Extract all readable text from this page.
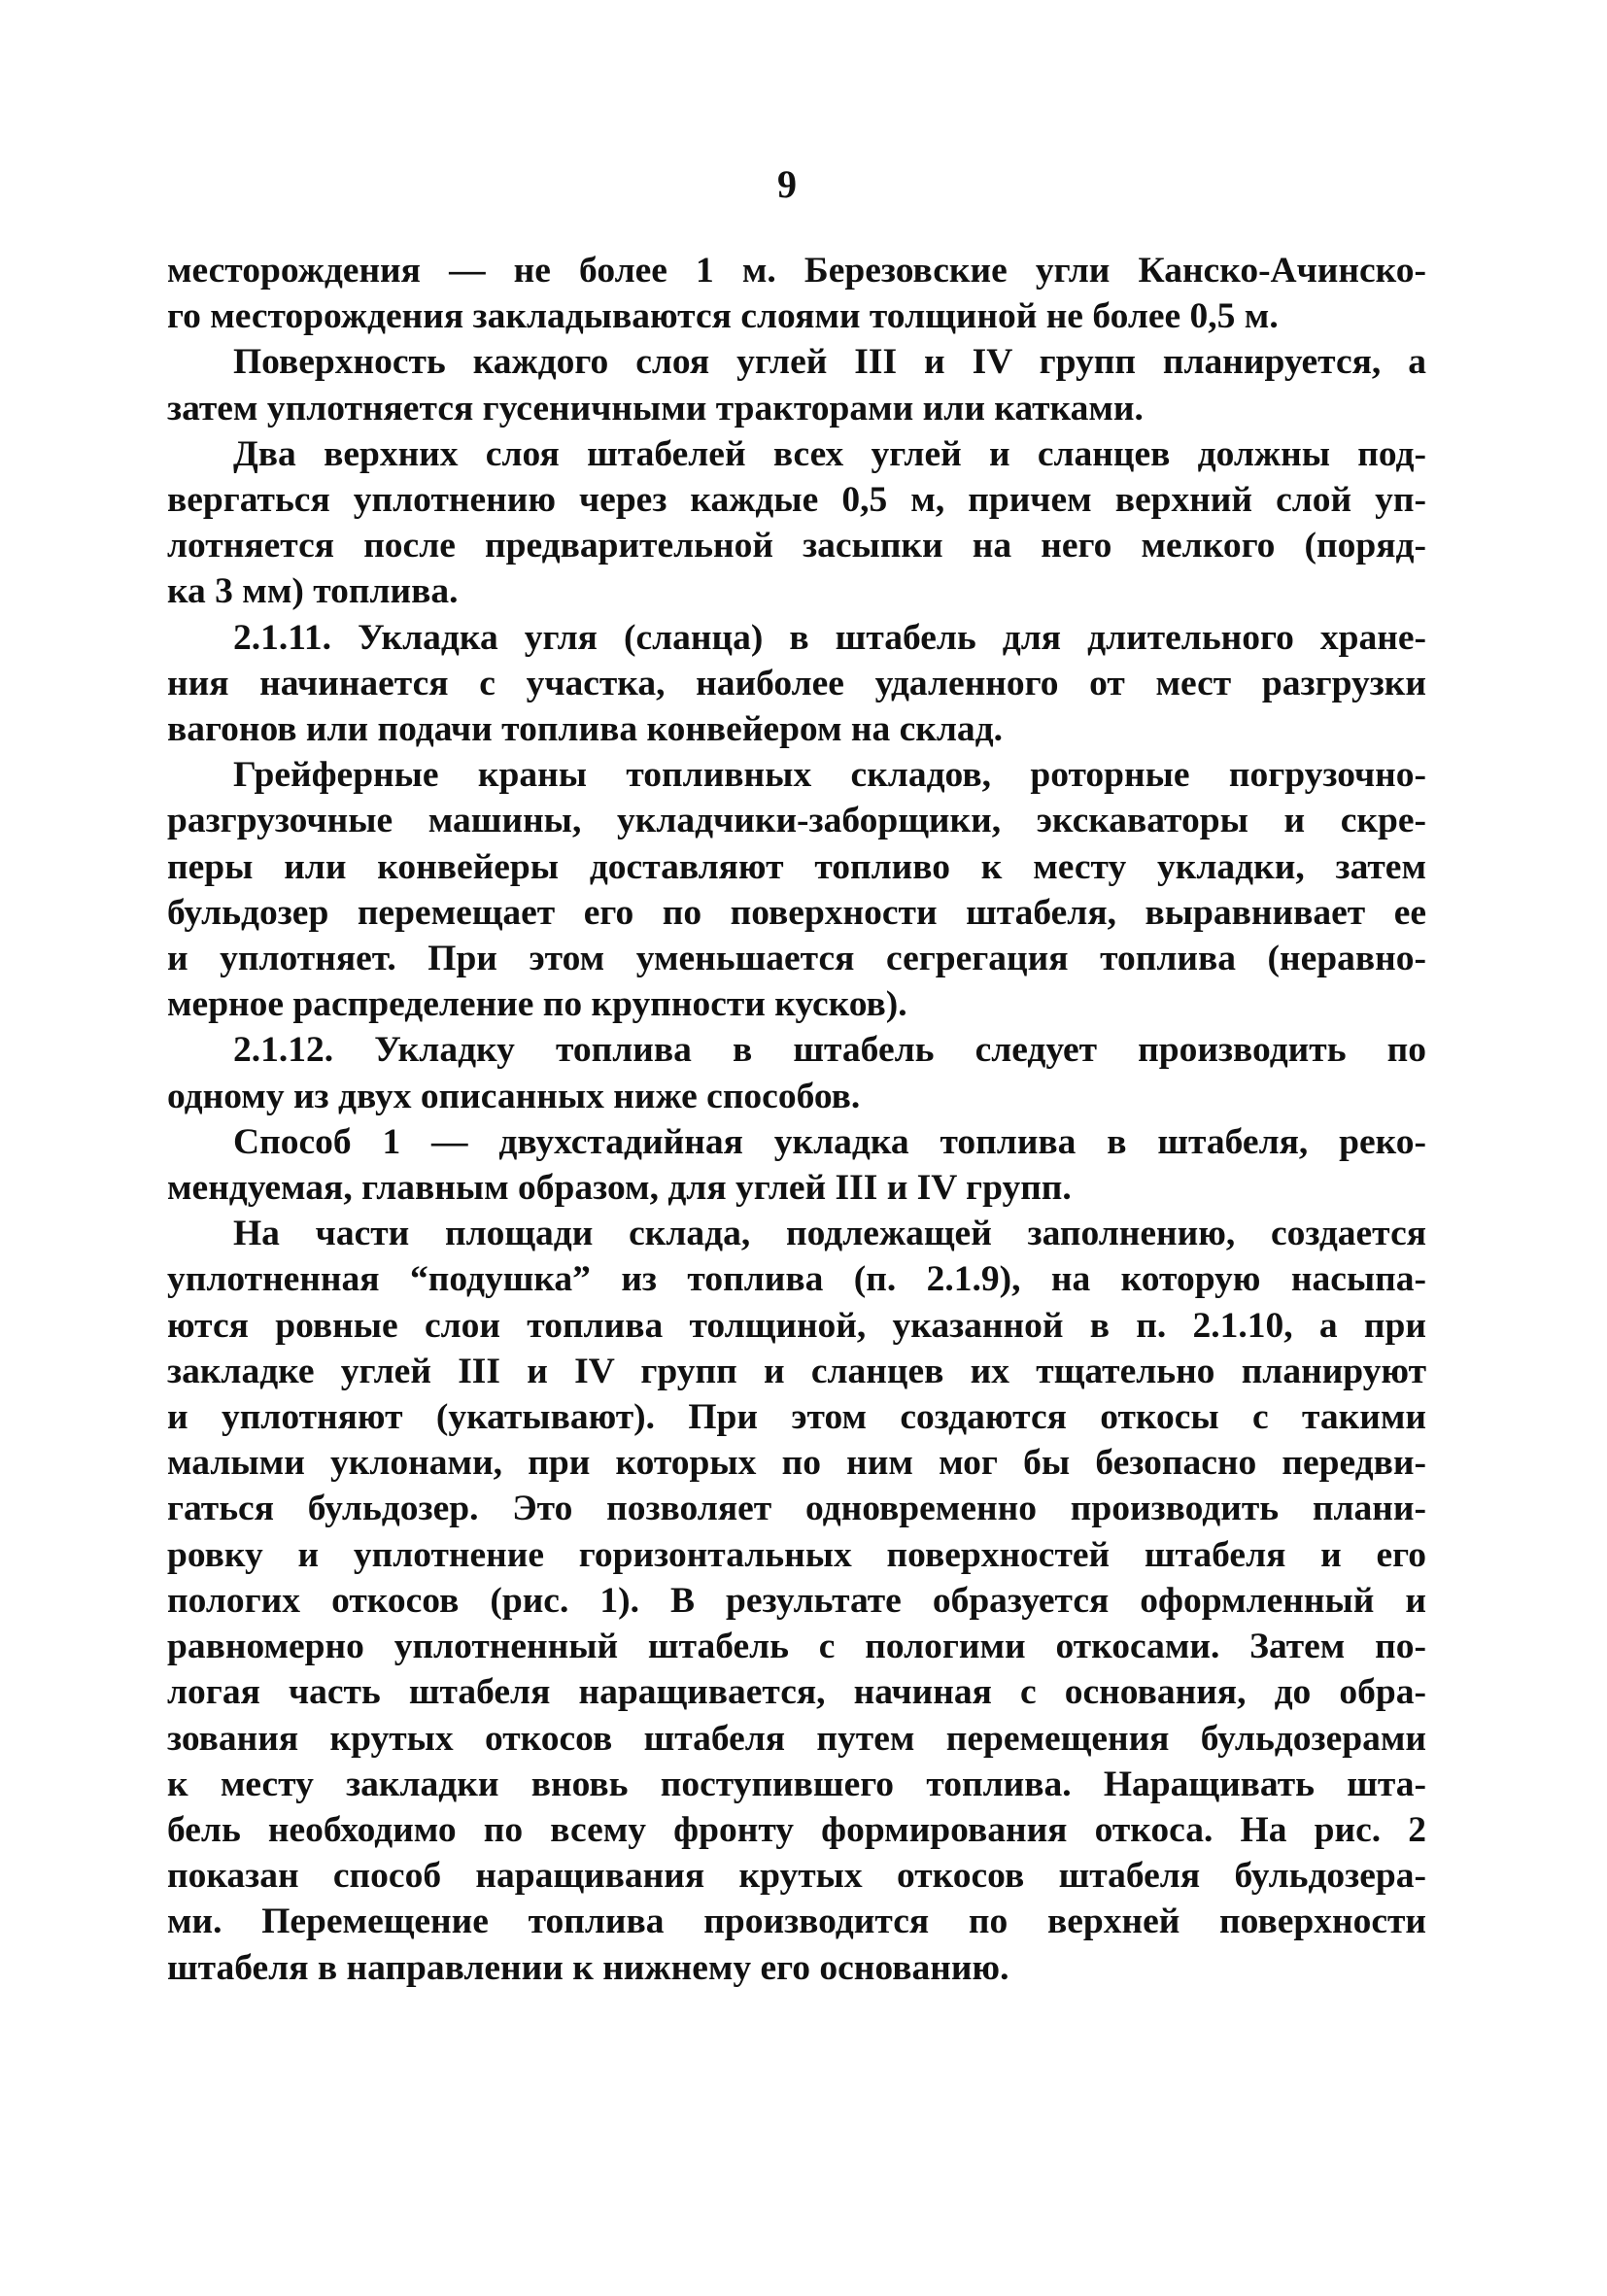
9
месторождения — не более 1 м. Березовские угли Канско-Ачинско-
го месторождения закладываются слоями толщиной не более 0,5 м.
Поверхность каждого слоя углей III и IV групп планируется, а
затем уплотняется гусеничными тракторами или катками.
Два верхних слоя штабелей всех углей и сланцев должны под-
вергаться уплотнению через каждые 0,5 м, причем верхний слой уп-
лотняется после предварительной засыпки на него мелкого (поряд-
ка 3 мм) топлива.
2.1.11. Укладка угля (сланца) в штабель для длительного хране-
ния начинается с участка, наиболее удаленного от мест разгрузки
вагонов или подачи топлива конвейером на склад.
Грейферные краны топливных складов, роторные погрузочно-
разгрузочные машины, укладчики-заборщики, экскаваторы и скре-
перы или конвейеры доставляют топливо к месту укладки, затем
бульдозер перемещает его по поверхности штабеля, выравнивает ее
и уплотняет. При этом уменьшается сегрегация топлива (неравно-
мерное распределение по крупности кусков).
2.1.12. Укладку топлива в штабель следует производить по
одному из двух описанных ниже способов.
Способ 1 — двухстадийная укладка топлива в штабеля, реко-
мендуемая, главным образом, для углей III и IV групп.
На части площади склада, подлежащей заполнению, создается
уплотненная “подушка” из топлива (п. 2.1.9), на которую насыпа-
ются ровные слои топлива толщиной, указанной в п. 2.1.10, а при
закладке углей III и IV групп и сланцев их тщательно планируют
и уплотняют (укатывают). При этом создаются откосы с такими
малыми уклонами, при которых по ним мог бы безопасно передви-
гаться бульдозер. Это позволяет одновременно производить плани-
ровку и уплотнение горизонтальных поверхностей штабеля и его
пологих откосов (рис. 1). В результате образуется оформленный и
равномерно уплотненный штабель с пологими откосами. Затем по-
логая часть штабеля наращивается, начиная с основания, до обра-
зования крутых откосов штабеля путем перемещения бульдозерами
к месту закладки вновь поступившего топлива. Наращивать шта-
бель необходимо по всему фронту формирования откоса. На рис. 2
показан способ наращивания крутых откосов штабеля бульдозера-
ми. Перемещение топлива производится по верхней поверхности
штабеля в направлении к нижнему его основанию.
